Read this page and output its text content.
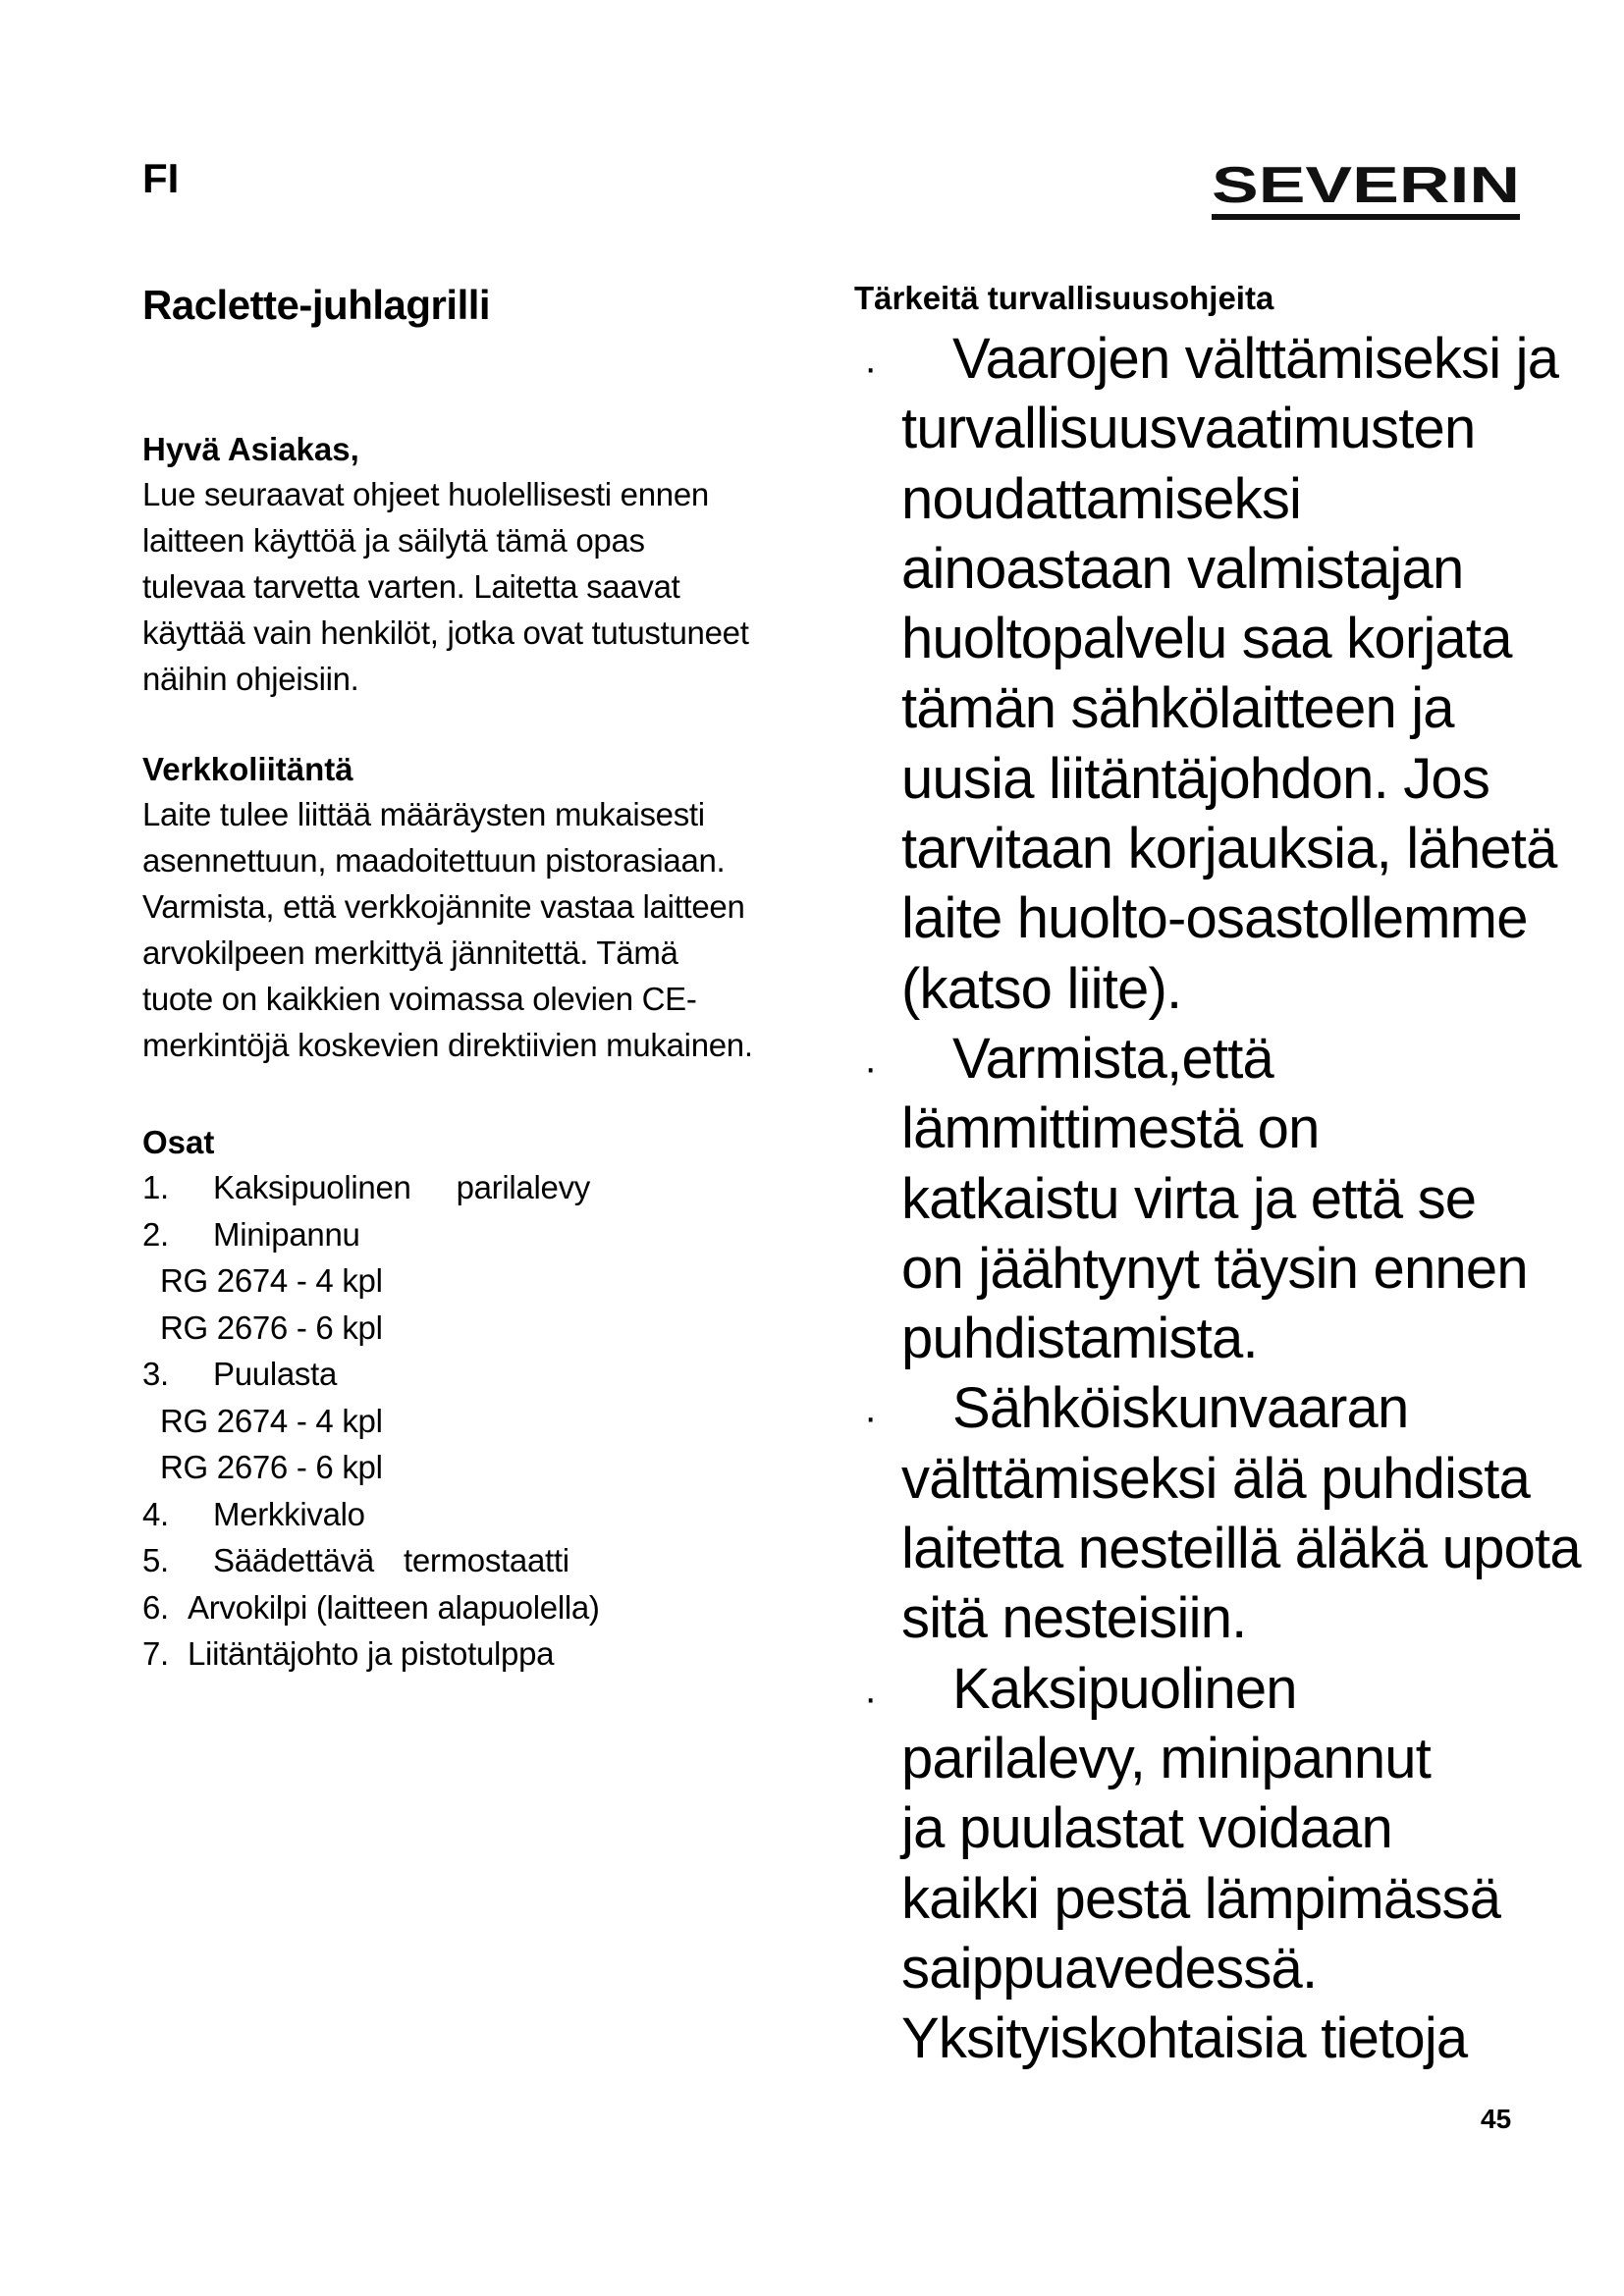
FI	SEVERIN
Raclette-juhlagrilli
Hyvä Asiakas,
Lue seuraavat ohjeet huolellisesti ennen
laitteen käyttöä ja säilytä tämä opas
tulevaa tarvetta varten. Laitetta saavat
käyttää vain henkilöt, jotka ovat tutustuneet
näihin ohjeisiin.
Verkkoliitäntä
Laite tulee liittää määräysten mukaisesti
asennettuun, maadoitettuun pistorasiaan.
Varmista, että verkkojännite vastaa laitteen
arvokilpeen merkittyä jännitettä. Tämä
tuote on kaikkien voimassa olevien CE-
merkintöjä koskevien direktiivien mukainen.
Osat
1. Kaksipuolinen parilalevy
2. Minipannu
RG 2674 - 4 kpl
RG 2676 - 6 kpl
3. Puulasta
RG 2674 - 4 kpl
RG 2676 - 6 kpl
4. Merkkivalo
5. Säädettävä termostaatti
6. Arvokilpi (laitteen alapuolella)
7. Liitäntäjohto ja pistotulppa
Tärkeitä turvallisuusohjeita
· Vaarojen välttämiseksi ja
turvallisuusvaatimusten
noudattamiseksi
ainoastaan valmistajan
huoltopalvelu saa korjata
tämän sähkölaitteen ja
uusia liitäntäjohdon. Jos
tarvitaan korjauksia, lähetä
laite huolto-osastollemme
(katso liite).
· Varmista,että
lämmittimestä on
katkaistu virta ja että se
on jäähtynyt täysin ennen
puhdistamista.
· Sähköiskunvaaran
välttämiseksi älä puhdista
laitetta nesteillä äläkä upota
sitä nesteisiin.
· Kaksipuolinen
parilalevy, minipannut
ja puulastat voidaan
kaikki pestä lämpimässä
saippuavedessä.
Yksityiskohtaisia tietoja
45
